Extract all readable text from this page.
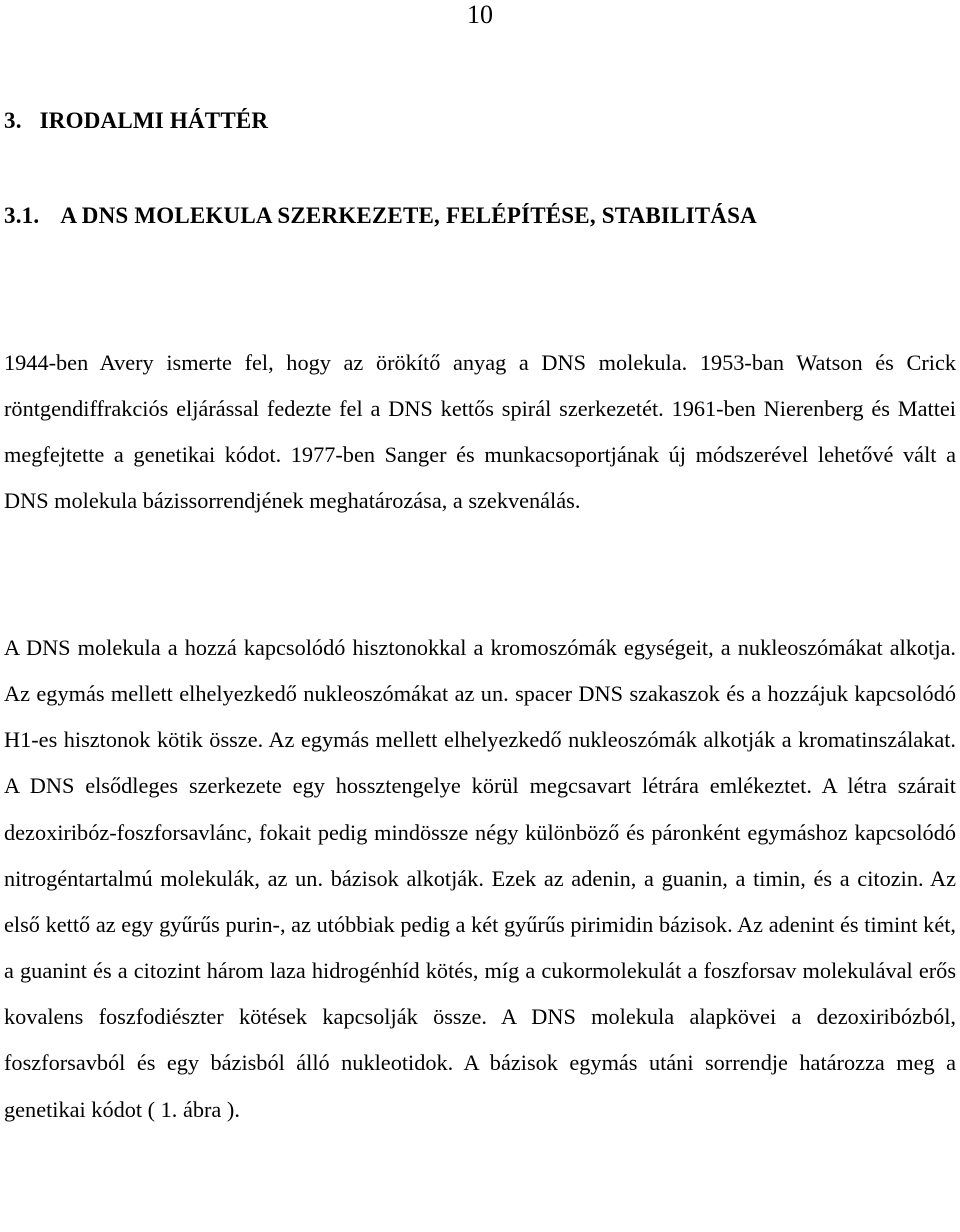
10
3. IRODALMI HÁTTÉR
3.1. A DNS MOLEKULA SZERKEZETE, FELÉPÍTÉSE, STABILITÁSA

1944-ben Avery ismerte fel, hogy az örökítő anyag a DNS molekula. 1953-ban Watson és Crick röntgendiffrakciós eljárással fedezte fel a DNS kettős spirál szerkezetét. 1961-ben Nierenberg és Mattei megfejtette a genetikai kódot. 1977-ben Sanger és munkacsoportjának új módszerével lehetővé vált a DNS molekula bázissorrendjének meghatározása, a szekvenálás.

A DNS molekula a hozzá kapcsolódó hisztonokkal a kromoszómák egységeit, a nukleoszómákat alkotja. Az egymás mellett elhelyezkedő nukleoszómákat az un. spacer DNS szakaszok és a hozzájuk kapcsolódó H1-es hisztonok kötik össze. Az egymás mellett elhelyezkedő nukleoszómák alkotják a kromatinszálakat. A DNS elsődleges szerkezete egy hossztengelye körül megcsavart létrára emlékeztet. A létra szárait dezoxiribóz-foszforsavlánc, fokait pedig mindössze négy különböző és páronként egymáshoz kapcsolódó nitrogéntartalmú molekulák, az un. bázisok alkotják. Ezek az adenin, a guanin, a timin, és a citozin. Az első kettő az egy gyűrűs purin-, az utóbbiak pedig a két gyűrűs pirimidin bázisok. Az adenint és timint két, a guanint és a citozint három laza hidrogénhíd kötés, míg a cukormolekulát a foszforsav molekulával erős kovalens foszfodiészter kötések kapcsolják össze. A DNS molekula alapkövei a dezoxiribózból, foszforsavból és egy bázisból álló nukleotidok. A bázisok egymás utáni sorrendje határozza meg a genetikai kódot ( 1. ábra ).
